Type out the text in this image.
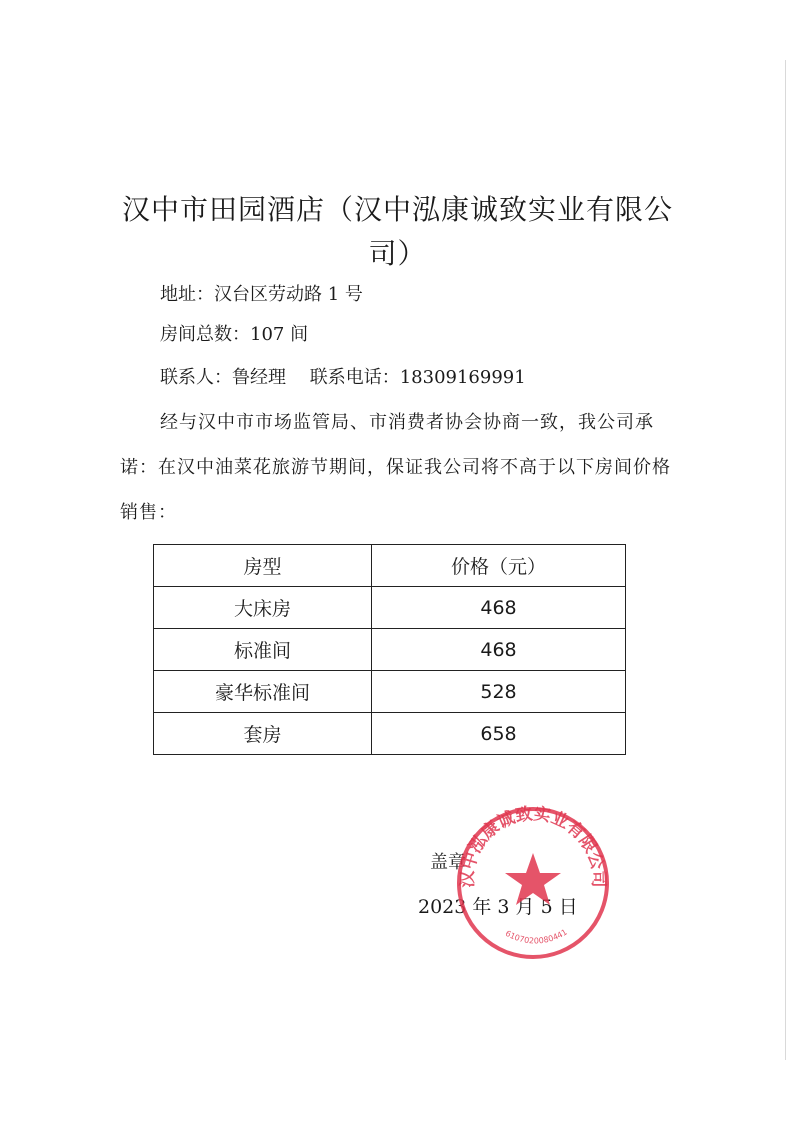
汉中市田园酒店（汉中泓康诚致实业有限公司）
地址：汉台区劳动路 1 号
房间总数：107 间
联系人：鲁经理　 联系电话：18309169991
经与汉中市市场监管局、市消费者协会协商一致，我公司承诺：在汉中油菜花旅游节期间，保证我公司将不高于以下房间价格销售：
房型	价格（元）
大床房	468
标准间	468
豪华标准间	528
套房	658
盖章
2023 年 3 月 5 日
汉中泓康诚致实业有限公司
6107020080441
